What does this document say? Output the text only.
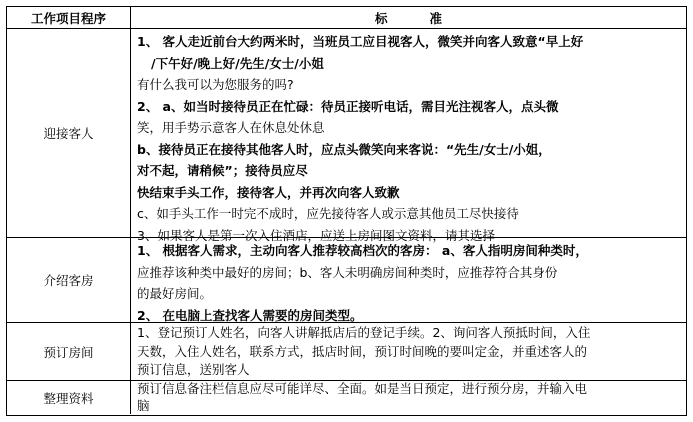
工作项目程序	标准
迎接客人
1、 客人走近前台大约两米时，当班员工应目视客人，微笑并向客人致意“早上好
/下午好/晚上好/先生/女士/小姐
有什么我可以为您服务的吗?
2、 a、如当时接待员正在忙碌：待员正接听电话，需目光注视客人，点头微
笑，用手势示意客人在休息处休息
b、接待员正在接待其他客人时，应点头微笑向来客说：“先生/女士/小姐，
对不起，请稍候”；接待员应尽
快结束手头工作，接待客人，并再次向客人致歉
c、如手头工作一时完不成时，应先接待客人或示意其他员工尽快接待
3、如果客人是第一次入住酒店，应送上房间图文资料，请其选择
介绍客房
1、 根据客人需求，主动向客人推荐较高档次的客房： a、客人指明房间种类时，
应推荐该种类中最好的房间；b、客人未明确房间种类时，应推荐符合其身份
的最好房间。
2、 在电脑上查找客人需要的房间类型。
预订房间
1、登记预订人姓名，向客人讲解抵店后的登记手续。2、询问客人预抵时间，入住
天数，入住人姓名，联系方式，抵店时间，预订时间晚的要叫定金，并重述客人的
预订信息，送别客人
整理资料
预订信息备注栏信息应尽可能详尽、全面。如是当日预定，进行预分房，并输入电
脑
